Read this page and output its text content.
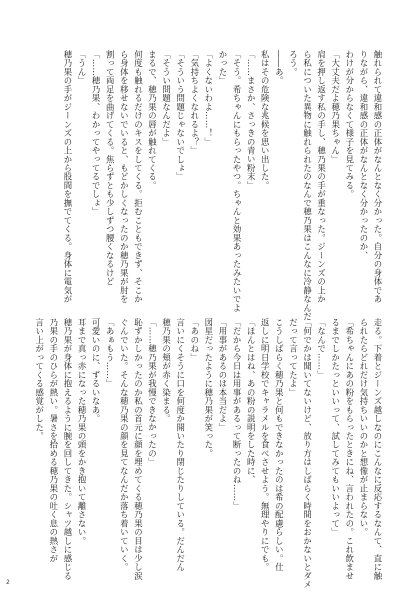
触れられて違和感の正体がなんとなく分かった。自分の身体であ
りながら、違和感の正体がなんとなく分かったのか、
わけが分からなくて様子を見てみる。
「大丈夫だよ穂乃果ちゃん」
肩を押し返す私の手し、穂乃果の手が重なった。ジーンズの上か
ら私についた異物に触れられたのなんで穂乃果はこんなに冷静なんだ
ろう。
――あ。
私はその危険な兆候を思い出した。
「……まさか、さっきの青い粉末」
「そう。希ちゃんにもらったやつ。ちゃんと効果あったみたいでよ
かった」
「よくないわよ……！」
「気持ちよくなれるよ？」
「そういう問題じゃないでしょ」
「そうい問題なんだよ」
まるで、穂乃果の唇が触れてくる。
何度も触れるだけのキスをしてくる。拒むこともできず、そこか
ら身体を移せないでいると、もどかしくなったのか穂乃果が肘を
割って両足を曲げてくる。焦らずとも少しずつ腰くなるけど
「……穂乃果、わかってやってるでしょ」
「うん」
穂乃果の手がジーンズの上から股間を撫でてくる。身体に電気が
走る。下着とジーンズ越しなのにこんなに反応するなんて、直に触
られたらどれだけ気持ちいいのかと想像が止まらない。
「希ちゃんにあの粉をもらったときにね、言われたの。これ飲ませ
るまでしかたっといいって、試してみてもいいよって」
「なんで……」
「何でかは聞いてないけど、放り方はしばらく時間をおかないとダメ
だって言ってたよ」
こうしばらく穂乃果と何もできなかったのは希の配慮らしい。仕
返しに明日学校でキャラメルを食べさせよう。無理やりにでも。
「ほんとはね、あの粉の説明をした時に、
「だから今日は用事があるって断ったのね……」
「用事があるのは本当だよ」
図星だったように穂乃果が笑った。
「あのね」
言いにくそうに口を何度か開いたり閉じたりしている。だんだん
穂乃果の頬が赤く染まる。
「……穂乃果が我慢できなかったの」
恥ずかしかったのか私の首元に顔を埋めてくる穂乃果の目は少し涙
ぐんでいた。そんな穂乃果の顔を見てなんだか落ち着いていく。
「あぁもう……」
可愛いのに、ずるいなあ。
耳まで真っ赤になった穂乃果の頭をかき抱いて離さない。
穂乃果が身体に抱えるように腕を回してきた。シャツ越しに感じる
乃果の手のひらが熱い。暑さを拾める穂乃果の吐く息の熱さが
言い上がってくる感覚がした。
2
